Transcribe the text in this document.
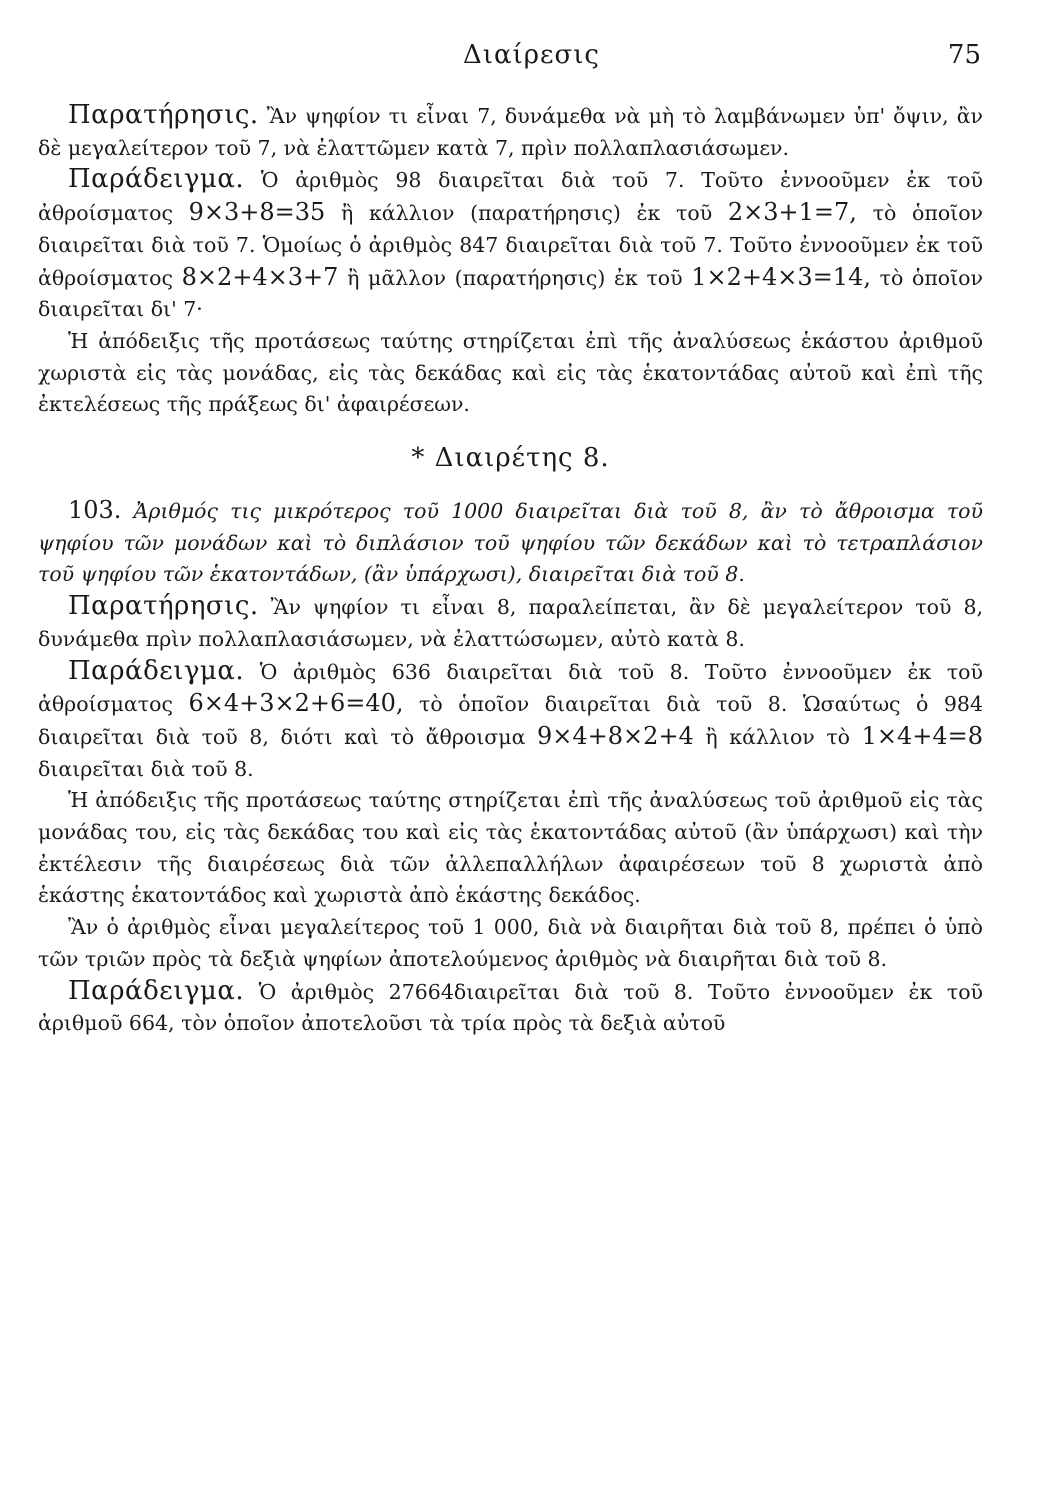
Διαίρεσις	75

Παρατήρησις. Ἂν ψηφίον τι εἶναι 7, δυνάμεθα νὰ μὴ τὸ λαμβάνωμεν ὑπ' ὄψιν, ἂν δὲ μεγαλείτερον τοῦ 7, νὰ ἐλαττῶμεν κατὰ 7, πρὶν πολλαπλασιάσωμεν.

Παράδειγμα. Ὁ ἀριθμὸς 98 διαιρεῖται διὰ τοῦ 7. Τοῦτο ἐννοοῦμεν ἐκ τοῦ ἀθροίσματος 9×3+8=35 ἢ κάλλιον (παρατήρησις) ἐκ τοῦ 2×3+1=7, τὸ ὁποῖον διαιρεῖται διὰ τοῦ 7. Ὁμοίως ὁ ἀριθμὸς 847 διαιρεῖται διὰ τοῦ 7. Τοῦτο ἐννοοῦμεν ἐκ τοῦ ἀθροίσματος 8×2+4×3+7 ἢ μᾶλλον (παρατήρησις) ἐκ τοῦ 1×2+4×3=14, τὸ ὁποῖον διαιρεῖται δι' 7·

Ἡ ἀπόδειξις τῆς προτάσεως ταύτης στηρίζεται ἐπὶ τῆς ἀναλύσεως ἑκάστου ἀριθμοῦ χωριστὰ εἰς τὰς μονάδας, εἰς τὰς δεκάδας καὶ εἰς τὰς ἑκατοντάδας αὐτοῦ καὶ ἐπὶ τῆς ἐκτελέσεως τῆς πράξεως δι' ἀφαιρέσεων.

* Διαιρέτης 8.

103. Ἀριθμός τις μικρότερος τοῦ 1000 διαιρεῖται διὰ τοῦ 8, ἂν τὸ ἄθροισμα τοῦ ψηφίου τῶν μονάδων καὶ τὸ διπλάσιον τοῦ ψηφίου τῶν δεκάδων καὶ τὸ τετραπλάσιον τοῦ ψηφίου τῶν ἑκατοντάδων, (ἂν ὑπάρχωσι), διαιρεῖται διὰ τοῦ 8.

Παρατήρησις. Ἂν ψηφίον τι εἶναι 8, παραλείπεται, ἂν δὲ μεγαλείτερον τοῦ 8, δυνάμεθα πρὶν πολλαπλασιάσωμεν, νὰ ἐλαττώσωμεν, αὐτὸ κατὰ 8.

Παράδειγμα. Ὁ ἀριθμὸς 636 διαιρεῖται διὰ τοῦ 8. Τοῦτο ἐννοοῦμεν ἐκ τοῦ ἀθροίσματος 6×4+3×2+6=40, τὸ ὁποῖον διαιρεῖται διὰ τοῦ 8. Ὡσαύτως ὁ 984 διαιρεῖται διὰ τοῦ 8, διότι καὶ τὸ ἄθροισμα 9×4+8×2+4 ἢ κάλλιον τὸ 1×4+4=8 διαιρεῖται διὰ τοῦ 8.

Ἡ ἀπόδειξις τῆς προτάσεως ταύτης στηρίζεται ἐπὶ τῆς ἀναλύσεως τοῦ ἀριθμοῦ εἰς τὰς μονάδας του, εἰς τὰς δεκάδας του καὶ εἰς τὰς ἑκατοντάδας αὐτοῦ (ἂν ὑπάρχωσι) καὶ τὴν ἐκτέλεσιν τῆς διαιρέσεως διὰ τῶν ἀλλεπαλλήλων ἀφαιρέσεων τοῦ 8 χωριστὰ ἀπὸ ἑκάστης ἑκατοντάδος καὶ χωριστὰ ἀπὸ ἑκάστης δεκάδος.

Ἂν ὁ ἀριθμὸς εἶναι μεγαλείτερος τοῦ 1 000, διὰ νὰ διαιρῆται διὰ τοῦ 8, πρέπει ὁ ὑπὸ τῶν τριῶν πρὸς τὰ δεξιὰ ψηφίων ἀποτελούμενος ἀριθμὸς νὰ διαιρῆται διὰ τοῦ 8.

Παράδειγμα. Ὁ ἀριθμὸς 27664διαιρεῖται διὰ τοῦ 8. Τοῦτο ἐννοοῦμεν ἐκ τοῦ ἀριθμοῦ 664, τὸν ὁποῖον ἀποτελοῦσι τὰ τρία πρὸς τὰ δεξιὰ αὐτοῦ
